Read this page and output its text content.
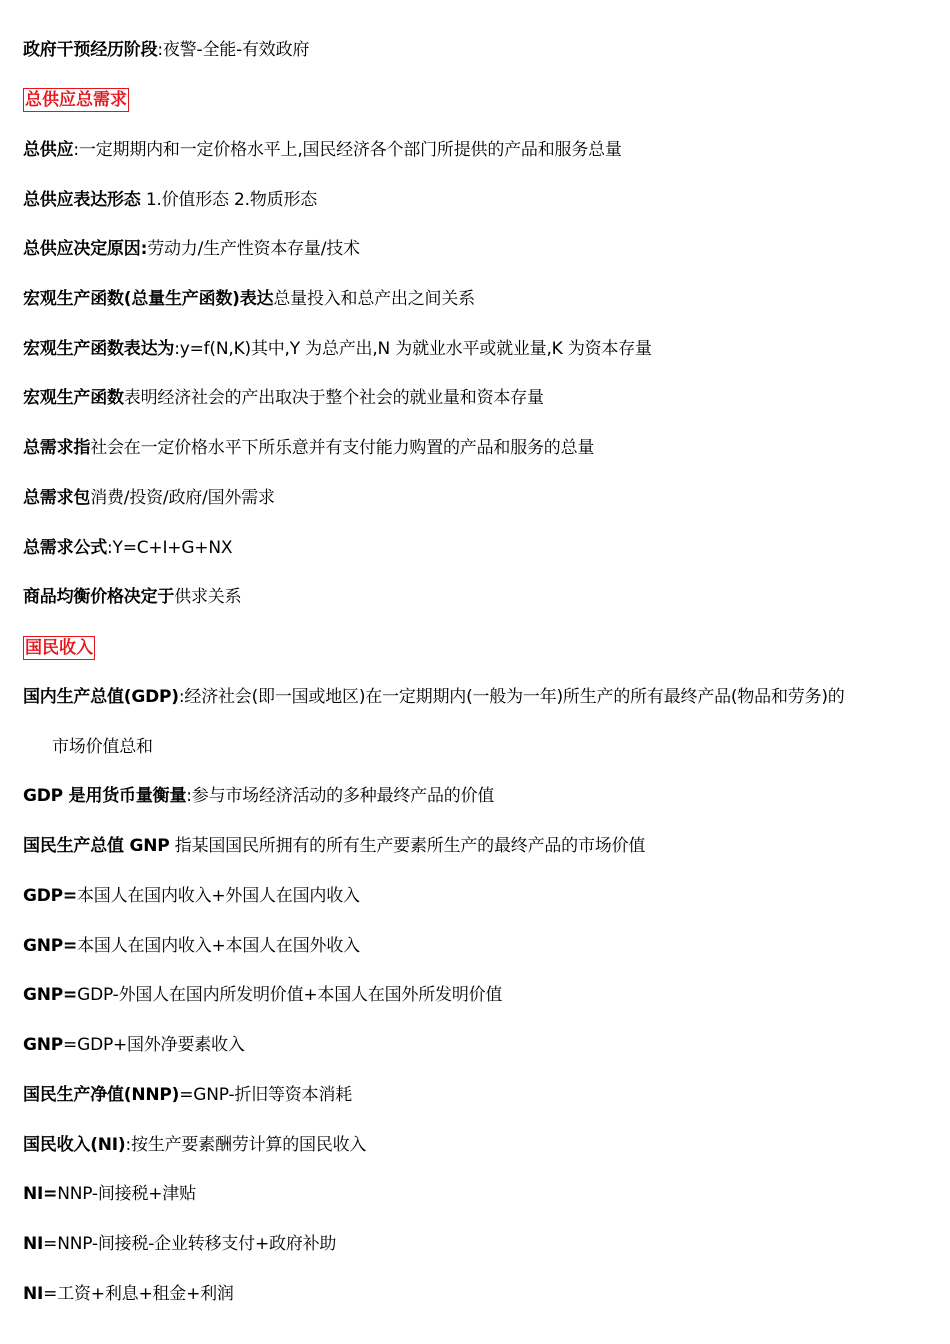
政府干预经历阶段:夜警-全能-有效政府
总供应总需求
总供应:一定期期内和一定价格水平上,国民经济各个部门所提供的产品和服务总量
总供应表达形态 1.价值形态 2.物质形态
总供应决定原因:劳动力/生产性资本存量/技术
宏观生产函数(总量生产函数)表达总量投入和总产出之间关系
宏观生产函数表达为:y=f(N,K)其中,Y 为总产出,N 为就业水平或就业量,K 为资本存量
宏观生产函数表明经济社会的产出取决于整个社会的就业量和资本存量
总需求指社会在一定价格水平下所乐意并有支付能力购置的产品和服务的总量
总需求包消费/投资/政府/国外需求
总需求公式:Y=C+I+G+NX
商品均衡价格决定于供求关系
国民收入
国内生产总值(GDP):经济社会(即一国或地区)在一定期期内(一般为一年)所生产的所有最终产品(物品和劳务)的
市场价值总和
GDP 是用货币量衡量:参与市场经济活动的多种最终产品的价值
国民生产总值 GNP 指某国国民所拥有的所有生产要素所生产的最终产品的市场价值
GDP=本国人在国内收入+外国人在国内收入
GNP=本国人在国内收入+本国人在国外收入
GNP=GDP-外国人在国内所发明价值+本国人在国外所发明价值
GNP=GDP+国外净要素收入
国民生产净值(NNP)=GNP-折旧等资本消耗
国民收入(NI):按生产要素酬劳计算的国民收入
NI=NNP-间接税+津贴
NI=NNP-间接税-企业转移支付+政府补助
NI=工资+利息+租金+利润
